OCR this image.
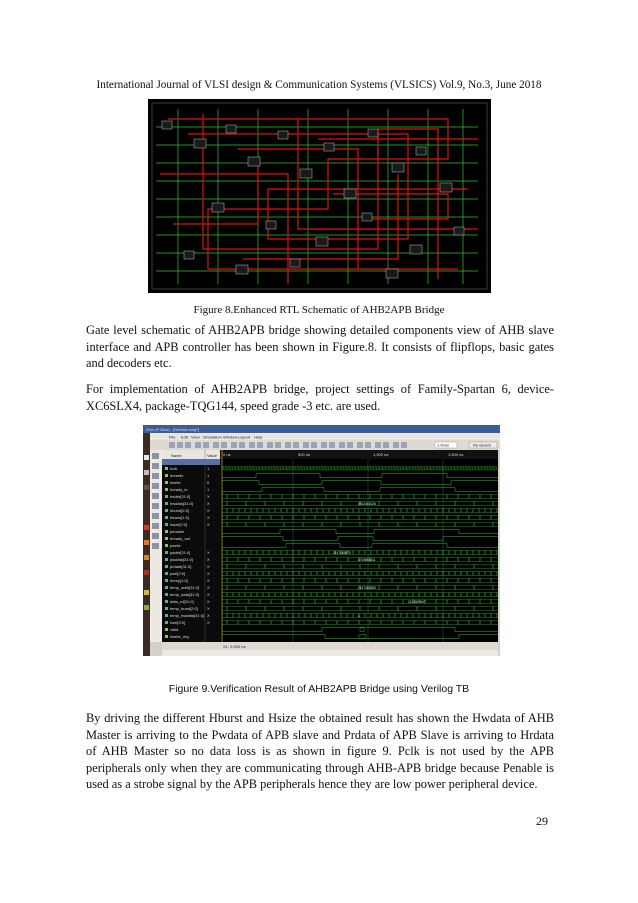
International Journal of VLSI design & Communication Systems (VLSICS) Vol.9, No.3, June 2018
Figure 8.Enhanced RTL Schematic of AHB2APB Bridge

Gate level schematic of AHB2APB bridge showing detailed components view of AHB slave interface and APB controller has been shown in Figure.8. It consists of flipflops, basic gates and decoders etc.

For implementation of AHB2APB bridge, project settings of Family-Spartan 6, device-XC6SLX4, package-TQG144, speed grade -3 etc. are used.

ISim (P.28xd) - [Default.wcfg*]
File Edit View Simulation Window Layout Help
1.00us	Re-launch
Name	Value
hclk	1
hresetn	1
hwrite	0
hready_in	1
haddr[31:0]	X
hwdata[31:0]	X
hburst[2:0]	X
htrans[1:0]	X
hsize[2:0]	X
penable
hready_out
pwrite
paddr[31:0]	X
pwdata[31:0]	X
prdata[31:0]	X
psel[2:0]	X
hresp[1:0]	X
temp_addr[31:0] X
temp_data[31:0] X
data_rd[31:0]	X
temp_burst[2:0] X
temp_hwdata[31:0] X
hsel[2:0]	X
valid
hwrite_reg
0 ns	500 ns	1,000 ns	1,500 ns
3912461026
2147483670
3719853411
2147483650
2214525547
1
X1: 0.000 ns
Figure 9.Verification Result of AHB2APB Bridge using Verilog TB

By driving the different Hburst and Hsize the obtained result has shown the Hwdata of AHB Master is arriving to the Pwdata of APB slave and Prdata of APB Slave is arriving to Hrdata of AHB Master so no data loss is as shown in figure 9. Pclk is not used by the APB peripherals only when they are communicating through AHB-APB bridge because Penable is used as a strobe signal by the APB peripherals hence they are low power peripheral device.

29
